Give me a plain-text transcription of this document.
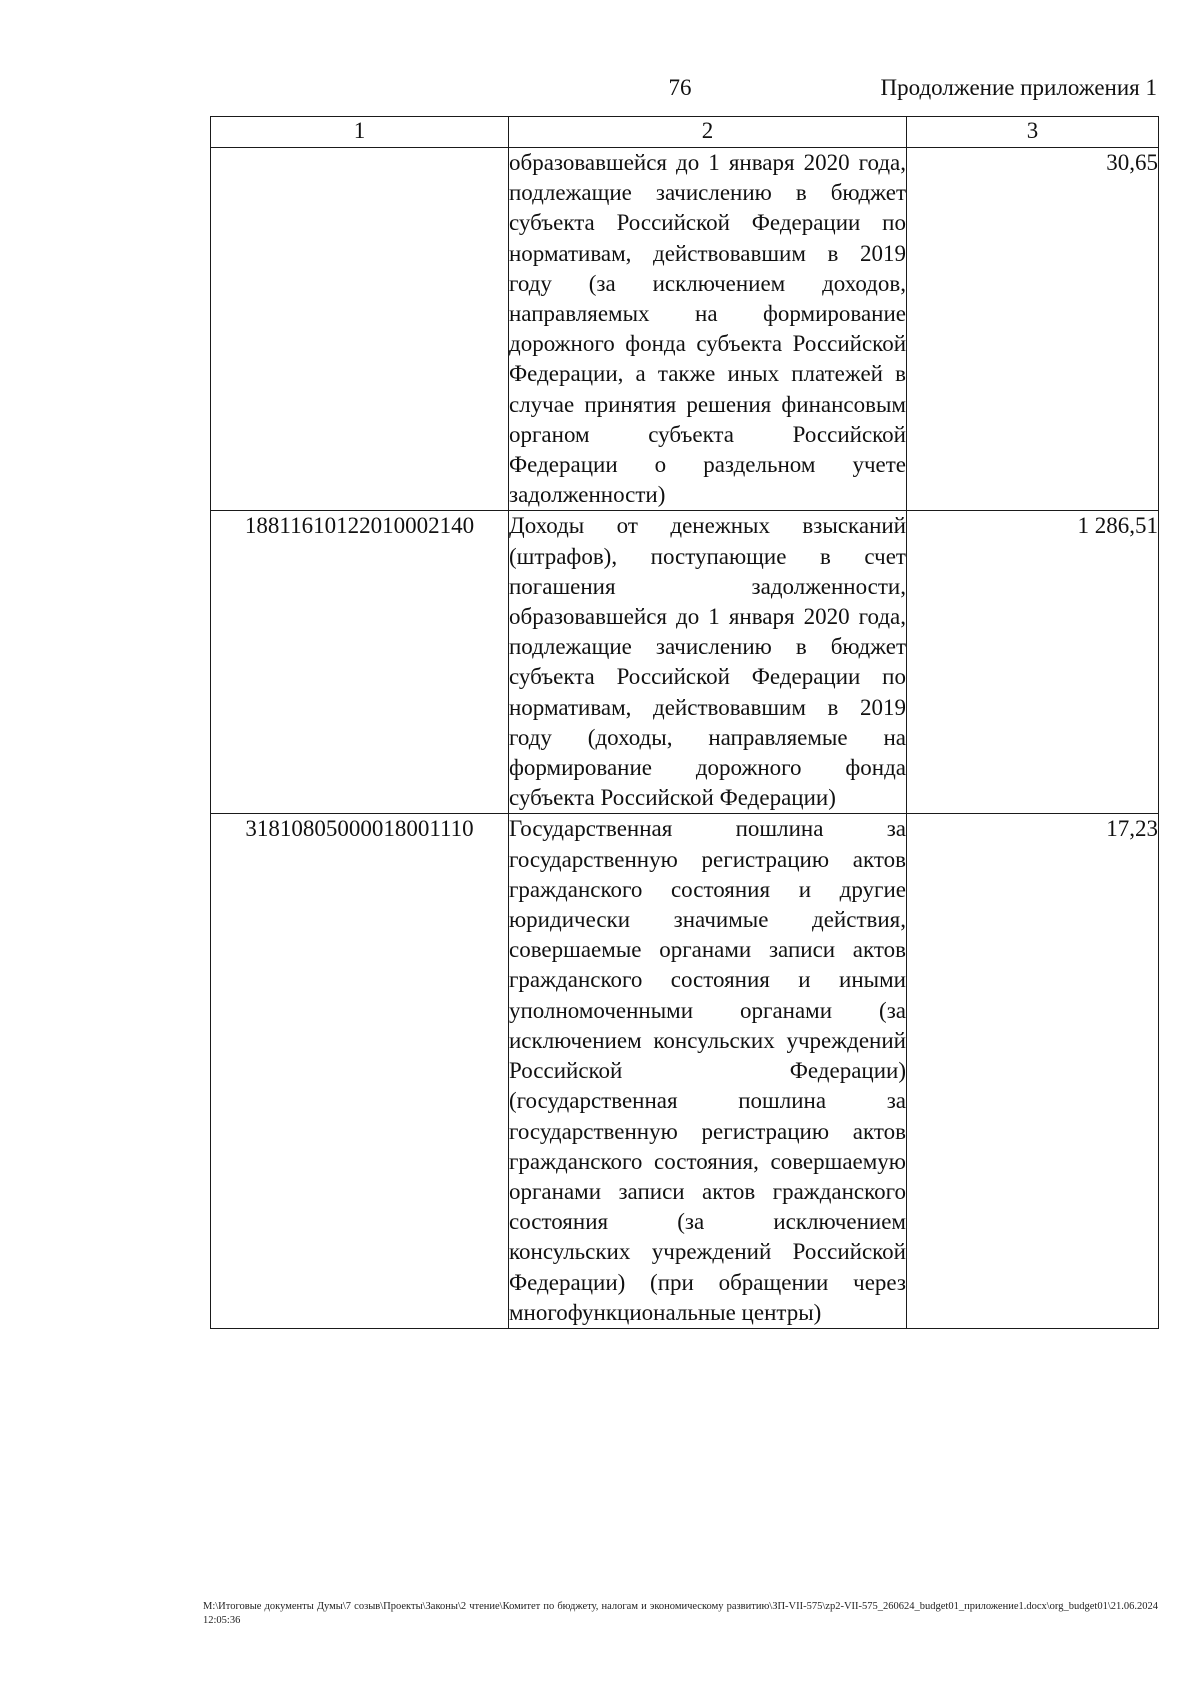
76	Продолжение приложения 1
1	2	3
	образовавшейся до 1 января 2020 года, подлежащие зачислению в бюджет субъекта Российской Федерации по нормативам, действовавшим в 2019 году (за исключением доходов, направляемых на формирование дорожного фонда субъекта Российской Федерации, а также иных платежей в случае принятия решения финансовым органом субъекта Российской Федерации о раздельном учете задолженности)	30,65
18811610122010002140	Доходы от денежных взысканий (штрафов), поступающие в счет погашения задолженности, образовавшейся до 1 января 2020 года, подлежащие зачислению в бюджет субъекта Российской Федерации по нормативам, действовавшим в 2019 году (доходы, направляемые на формирование дорожного фонда субъекта Российской Федерации)	1 286,51
31810805000018001110	Государственная пошлина за государственную регистрацию актов гражданского состояния и другие юридически значимые действия, совершаемые органами записи актов гражданского состояния и иными уполномоченными органами (за исключением консульских учреждений Российской Федерации) (государственная пошлина за государственную регистрацию актов гражданского состояния, совершаемую органами записи актов гражданского состояния (за исключением консульских учреждений Российской Федерации) (при обращении через многофункциональные центры)	17,23
M:\Итоговые документы Думы\7 созыв\Проекты\Законы\2 чтение\Комитет по бюджету, налогам и экономическому развитию\ЗП-VII-575\zp2-VII-575_260624_budget01_приложение1.docx\org_budget01\21.06.2024 12:05:36
